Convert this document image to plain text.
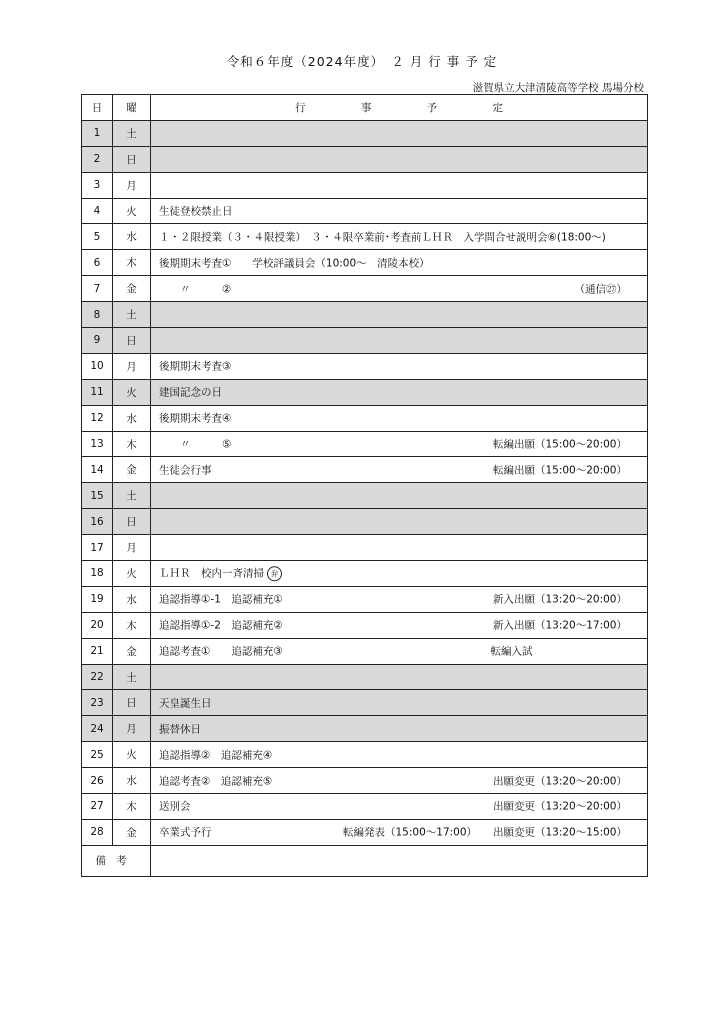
令和６年度（2024年度）　２ 月 行 事 予 定
滋賀県立大津清陵高等学校 馬場分校
日	曜	行 事 予 定
1	土	
2	日	
3	月	
4	火	生徒登校禁止日

5	水	１・２限授業（３・４限授業）　３・４限卒業前･考査前ＬＨＲ　入学問合せ説明会⑥(18:00～)

6	木	後期期末考査①　　学校評議員会（10:00～　清陵本校）

7	金	　　〃　　　② （通信㉗）

8	土	
9	日	
10	月	後期期末考査③

11	火	建国記念の日

12	水	後期期末考査④

13	木	　　〃　　　⑤ 転編出願（15:00～20:00）

14	金	生徒会行事 転編出願（15:00～20:00）

15	土	
16	日	
17	月	
18	火	ＬＨＲ　校内一斉清掃 弁

19	水	追認指導①-1　追認補充① 新入出願（13:20～20:00）

20	木	追認指導①-2　追認補充② 新入出願（13:20～17:00）

21	金	追認考査①　　追認補充③ 転編入試　　　　　　　　　

22	土	
23	日	天皇誕生日

24	月	振替休日

25	火	追認指導②　追認補充④

26	水	追認考査②　追認補充⑤ 出願変更（13:20～20:00）

27	木	送別会 出願変更（13:20～20:00）

28	金	卒業式予行 転編発表（15:00～17:00） 出願変更（13:20～15:00）

備考		
